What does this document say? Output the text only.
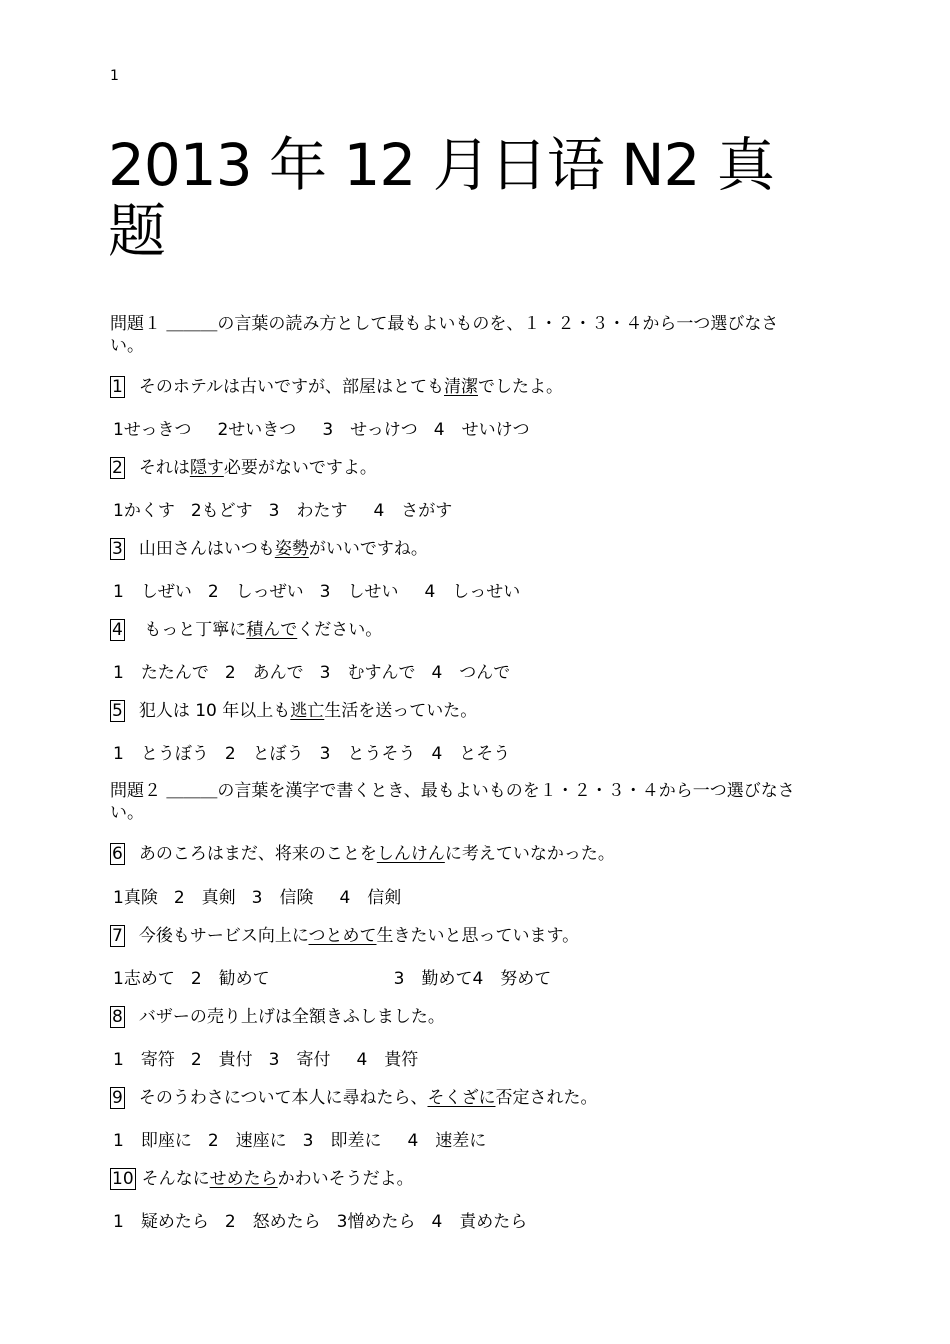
1
2013 年 12 月日语 N2 真题
問題１ ＿＿＿の言葉の読み方として最もよいものを、１・２・３・４から一つ選びなさい。
1 そのホテルは古いですが、部屋はとても清潔でしたよ。
1せっきつ 2せいきつ 3　せっけつ 4　せいけつ
2 それは隠す必要がないですよ。
1かくす 2もどす 3　わたす 4　さがす
3 山田さんはいつも姿勢がいいですね。
1　しぜい 2　しっぜい 3　しせい 4　しっせい
4 もっと丁寧に積んでください。
1　たたんで 2　あんで 3　むすんで 4　つんで
5 犯人は 10 年以上も逃亡生活を送っていた。
1　とうぼう 2　とぼう 3　とうそう 4　とそう
問題２ ＿＿＿の言葉を漢字で書くとき、最もよいものを１・２・３・４から一つ選びなさい。
6 あのころはまだ、将来のことをしんけんに考えていなかった。
1真険 2　真剣 3　信険 4　信剣
7 今後もサービス向上につとめて生きたいと思っています。
1志めて 2　勧めて	3　勤めて4　努めて
8 バザーの売り上げは全額きふしました。
1　寄符 2　貴付 3　寄付 4　貴符
9 そのうわさについて本人に尋ねたら、そくざに否定された。
1　即座に 2　速座に 3　即差に 4　速差に
10 そんなにせめたらかわいそうだよ。
1　疑めたら 2　怒めたら 3憎めたら 4　責めたら
